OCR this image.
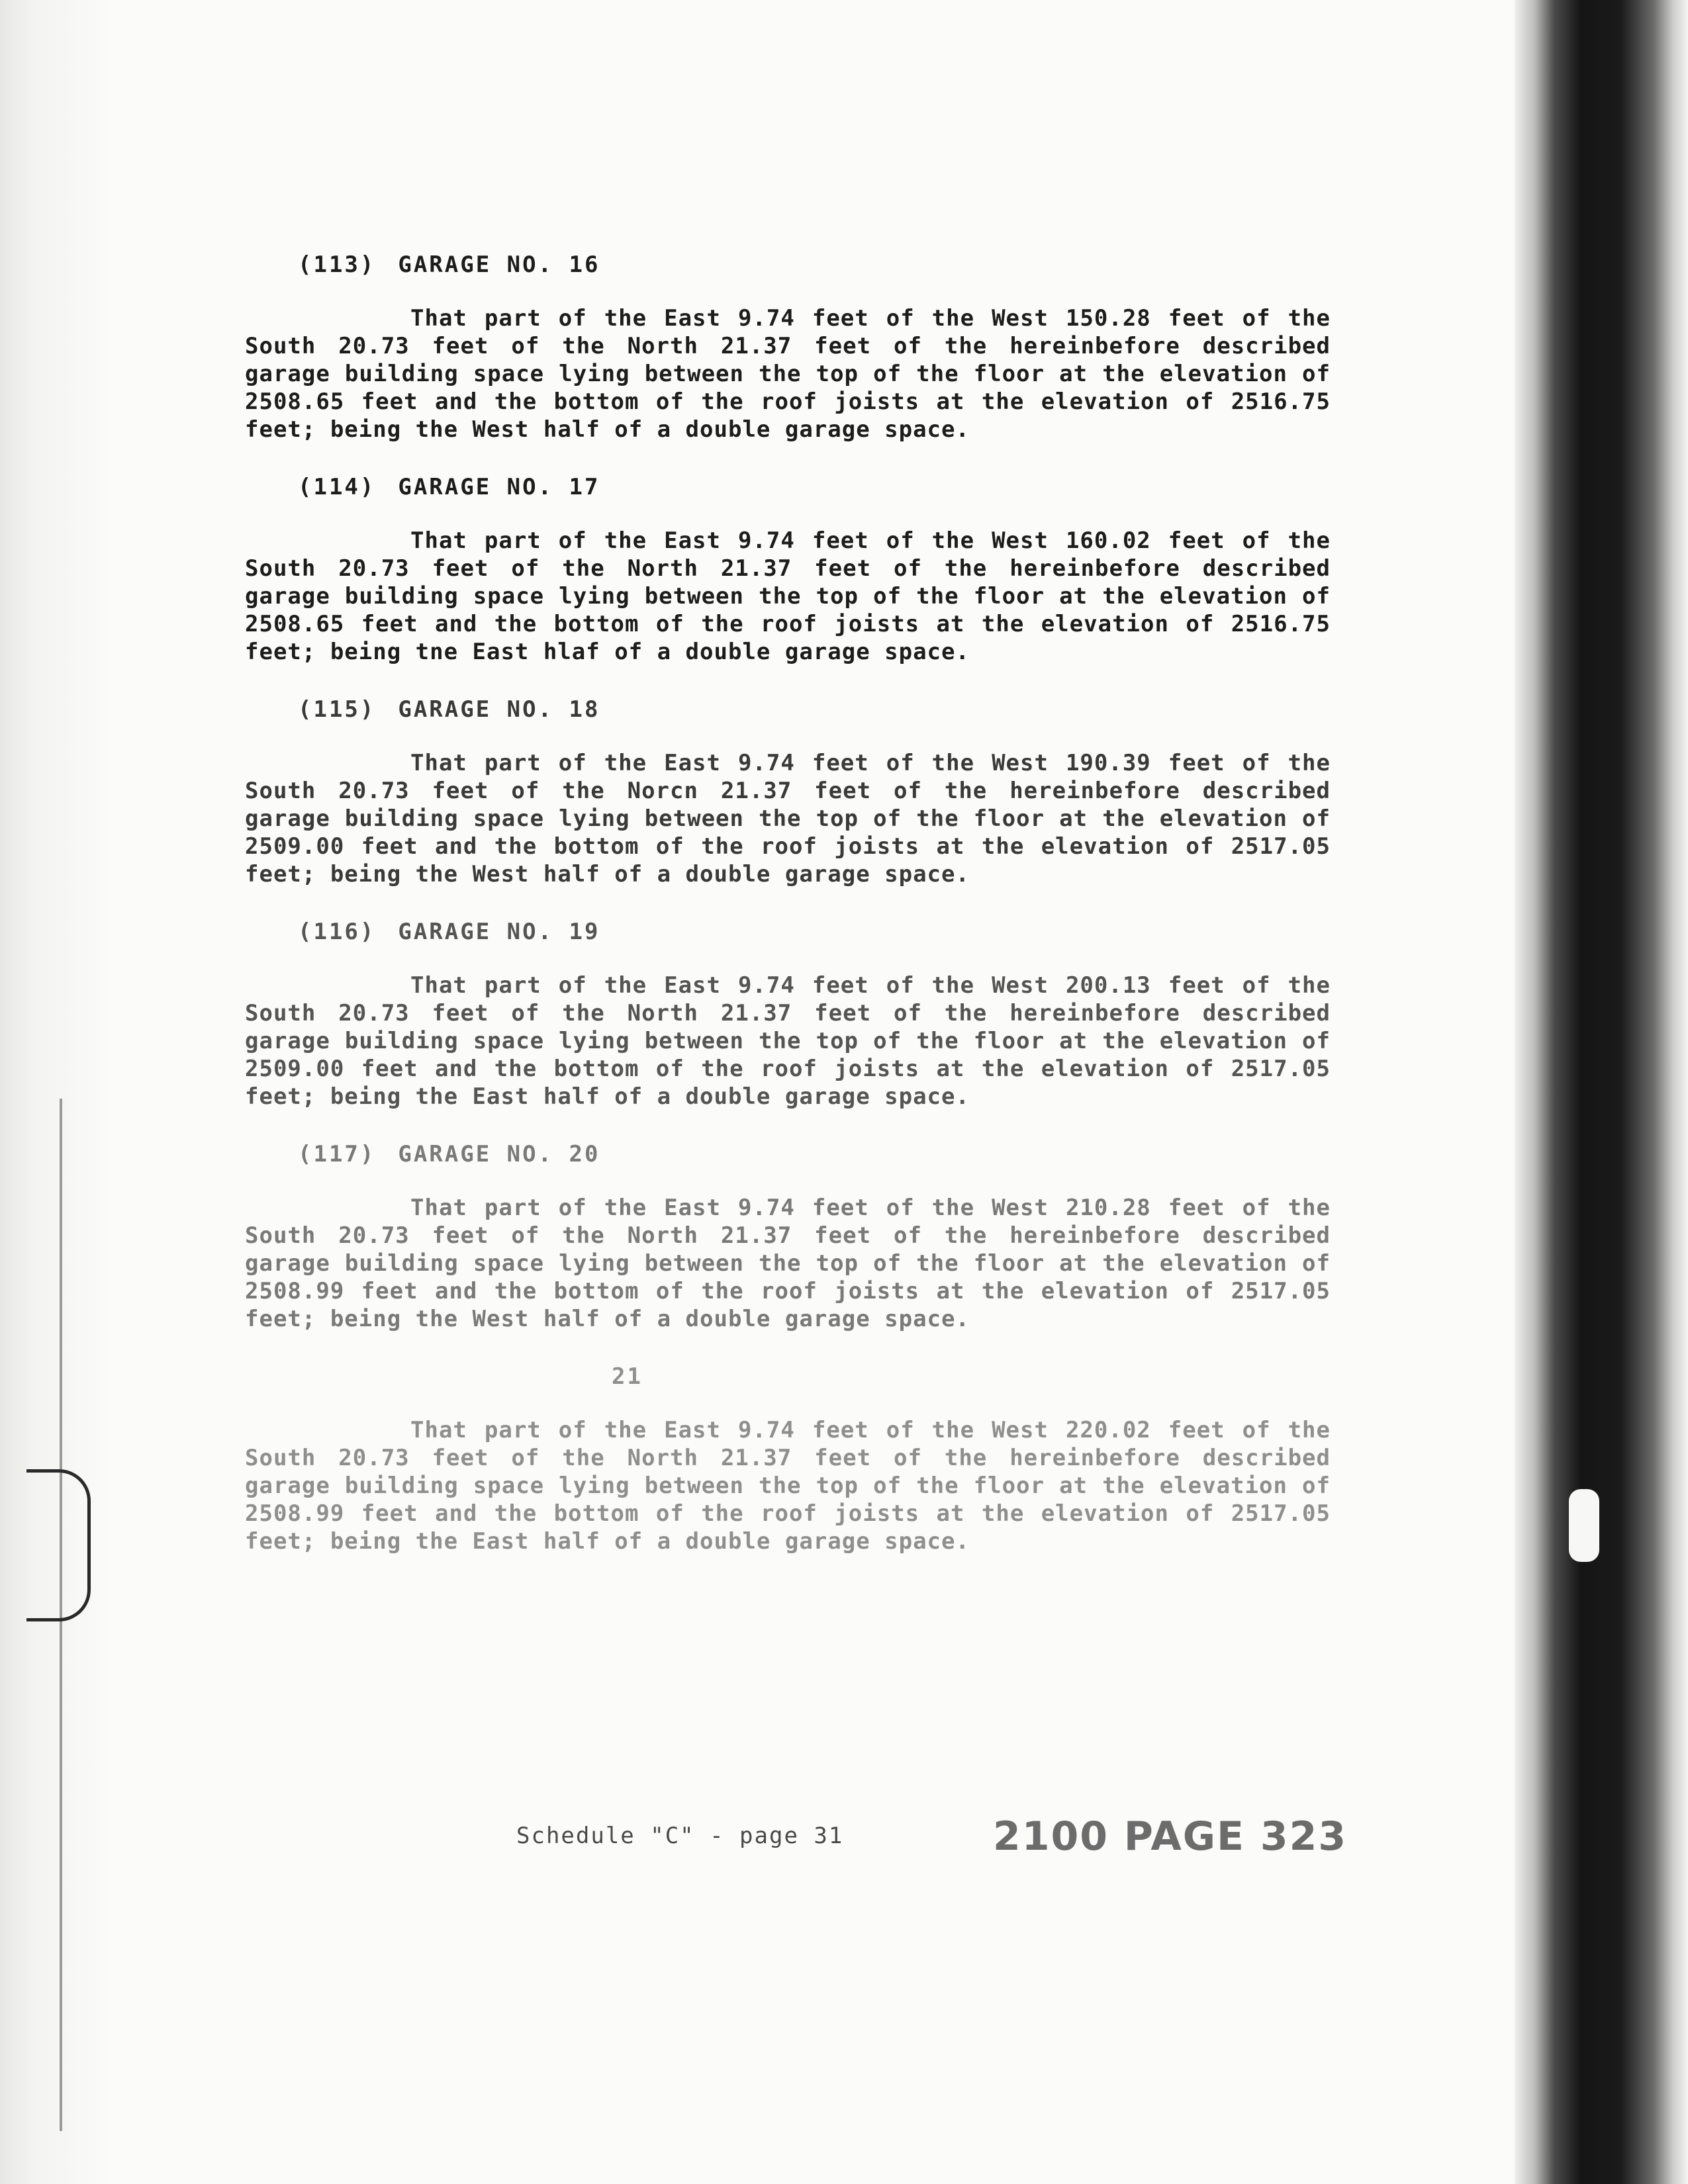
(113) GARAGE NO. 16

That part of the East 9.74 feet of the West 150.28 feet of the South 20.73 feet of the North 21.37 feet of the hereinbefore described garage building space lying between the top of the floor at the elevation of 2508.65 feet and the bottom of the roof joists at the elevation of 2516.75 feet; being the West half of a double garage space.

(114) GARAGE NO. 17

That part of the East 9.74 feet of the West 160.02 feet of the South 20.73 feet of the North 21.37 feet of the hereinbefore described garage building space lying between the top of the floor at the elevation of 2508.65 feet and the bottom of the roof joists at the elevation of 2516.75 feet; being tne East hlaf of a double garage space.

(115) GARAGE NO. 18

That part of the East 9.74 feet of the West 190.39 feet of the South 20.73 feet of the Norcn 21.37 feet of the hereinbefore described garage building space lying between the top of the floor at the elevation of 2509.00 feet and the bottom of the roof joists at the elevation of 2517.05 feet; being the West half of a double garage space.

(116) GARAGE NO. 19

That part of the East 9.74 feet of the West 200.13 feet of the South 20.73 feet of the North 21.37 feet of the hereinbefore described garage building space lying between the top of the floor at the elevation of 2509.00 feet and the bottom of the roof joists at the elevation of 2517.05 feet; being the East half of a double garage space.

(117) GARAGE NO. 20

That part of the East 9.74 feet of the West 210.28 feet of the South 20.73 feet of the North 21.37 feet of the hereinbefore described garage building space lying between the top of the floor at the elevation of 2508.99 feet and the bottom of the roof joists at the elevation of 2517.05 feet; being the West half of a double garage space.

21

That part of the East 9.74 feet of the West 220.02 feet of the South 20.73 feet of the North 21.37 feet of the hereinbefore described garage building space lying between the top of the floor at the elevation of 2508.99 feet and the bottom of the roof joists at the elevation of 2517.05 feet; being the East half of a double garage space.

Schedule "C" - page 31	2100 PAGE 323
